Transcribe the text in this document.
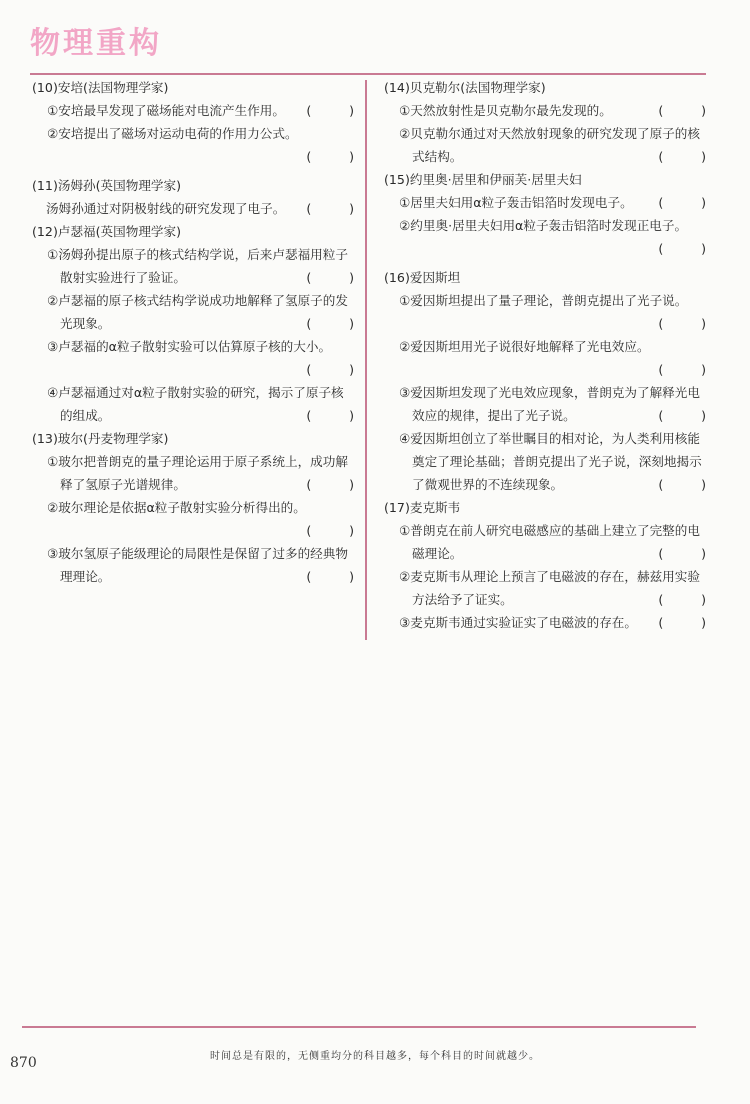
物理重构
(10)安培(法国物理学家)
①安培最早发现了磁场能对电流产生作用。 (　　　)
②安培提出了磁场对运动电荷的作用力公式。
(　　　)
(11)汤姆孙(英国物理学家)
汤姆孙通过对阴极射线的研究发现了电子。 (　　　)
(12)卢瑟福(英国物理学家)
①汤姆孙提出原子的核式结构学说，后来卢瑟福用粒子散射实验进行了验证。	(　　　)
②卢瑟福的原子核式结构学说成功地解释了氢原子的发光现象。	(　　　)
③卢瑟福的α粒子散射实验可以估算原子核的大小。
(　　　)
④卢瑟福通过对α粒子散射实验的研究，揭示了原子核的组成。	(　　　)
(13)玻尔(丹麦物理学家)
①玻尔把普朗克的量子理论运用于原子系统上，成功解释了氢原子光谱规律。	(　　　)
②玻尔理论是依据α粒子散射实验分析得出的。
(　　　)
③玻尔氢原子能级理论的局限性是保留了过多的经典物理理论。	(　　　)
(14)贝克勒尔(法国物理学家)
①天然放射性是贝克勒尔最先发现的。	(　　　)
②贝克勒尔通过对天然放射现象的研究发现了原子的核式结构。	(　　　)
(15)约里奥·居里和伊丽芙·居里夫妇
①居里夫妇用α粒子轰击铝箔时发现电子。 (　　　)
②约里奥·居里夫妇用α粒子轰击铝箔时发现正电子。
(　　　)
(16)爱因斯坦
①爱因斯坦提出了量子理论，普朗克提出了光子说。
(　　　)
②爱因斯坦用光子说很好地解释了光电效应。
(　　　)
③爱因斯坦发现了光电效应现象，普朗克为了解释光电效应的规律，提出了光子说。	(　　　)
④爱因斯坦创立了举世瞩目的相对论，为人类利用核能奠定了理论基础；普朗克提出了光子说，深刻地揭示了微观世界的不连续现象。	(　　　)
(17)麦克斯韦
①普朗克在前人研究电磁感应的基础上建立了完整的电磁理论。	(　　　)
②麦克斯韦从理论上预言了电磁波的存在，赫兹用实验方法给予了证实。	(　　　)
③麦克斯韦通过实验证实了电磁波的存在。 (　　　)
时间总是有限的，无侧重均分的科目越多，每个科目的时间就越少。
870
